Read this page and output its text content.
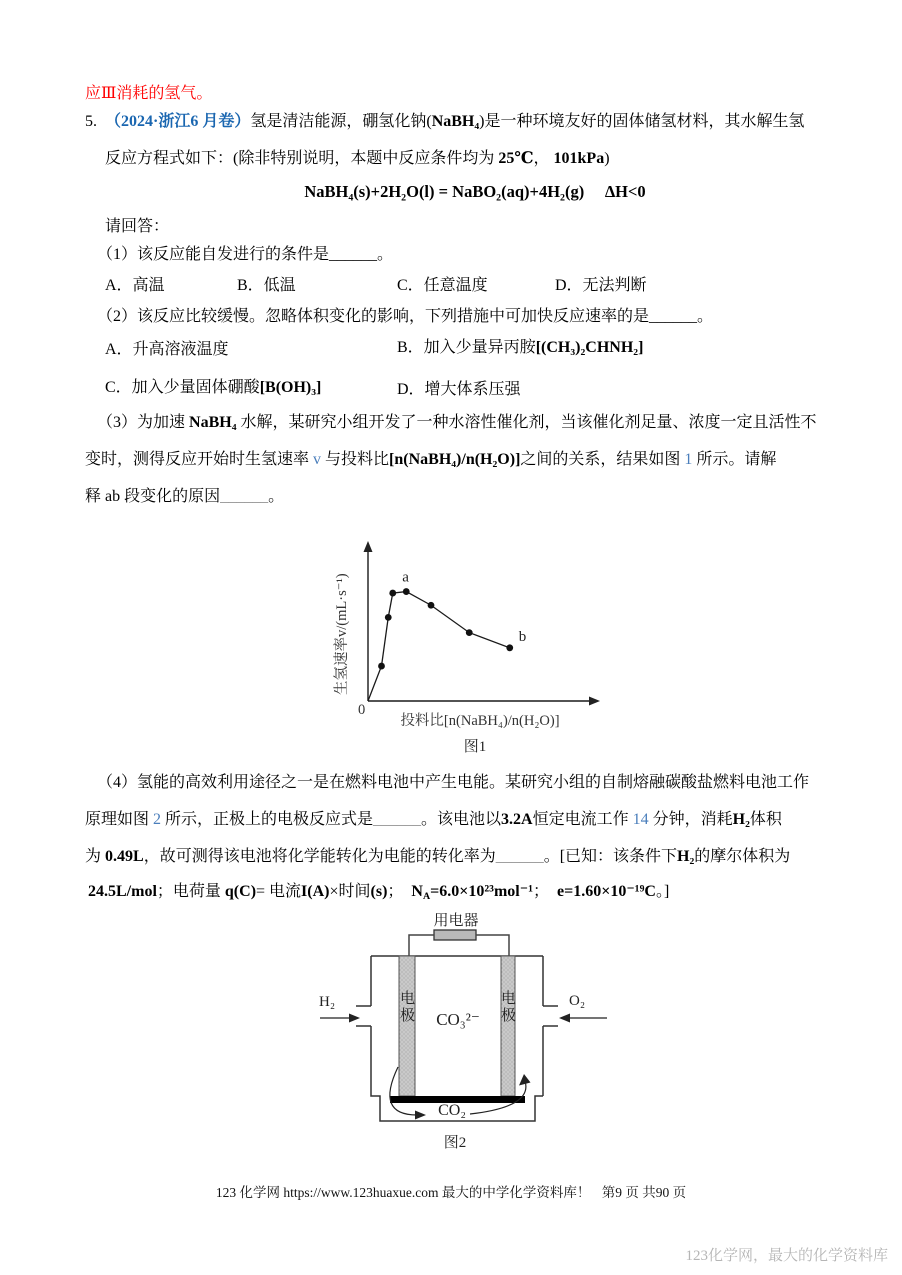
应Ⅲ消耗的氢气。
5.　（2024·浙江6 月卷）氢是清洁能源，硼氢化钠(NaBH₄)是一种环境友好的固体储氢材料，其水解生氢
反应方程式如下：(除非特别说明，本题中反应条件均为 25℃， 101kPa)
NaBH₄(s)+2H₂O(l) = NaBO₂(aq)+4H₂(g)　 ΔH<0
请回答：
（1）该反应能自发进行的条件是______。
A．高温	B．低温	C．任意温度	D．无法判断
（2）该反应比较缓慢。忽略体积变化的影响，下列措施中可加快反应速率的是______。
A．升高溶液温度	B．加入少量异丙胺[(CH₃)₂CHNH₂]
C．加入少量固体硼酸[B(OH)₃]	D．增大体系压强
（3）为加速 NaBH₄ 水解，某研究小组开发了一种水溶性催化剂，当该催化剂足量、浓度一定且活性不
变时，测得反应开始时生氢速率 v 与投料比[n(NaBH₄)/n(H₂O)]之间的关系，结果如图 1 所示。请解
释 ab 段变化的原因______。
0
投料比[n(NaBH₄)/n(H₂O)]
生氢速率v/(mL·s⁻¹)	a
b
图1
（4）氢能的高效利用途径之一是在燃料电池中产生电能。某研究小组的自制熔融碳酸盐燃料电池工作
原理如图 2 所示，正极上的电极反应式是______。该电池以3.2A恒定电流工作 14 分钟，消耗H₂体积
为 0.49L，故可测得该电池将化学能转化为电能的转化率为______。[已知：该条件下H₂的摩尔体积为
24.5L/mol；电荷量 q(C)= 电流I(A)×时间(s)；　$N_A=6.0\times 10^{23}mol^{-1}$；　e=1.60×10⁻¹⁹C。]
用电器
电极
电极
CO₃²⁻
H₂	O₂
CO₂
图2
123 化学网 https://www.123huaxue.com 最大的中学化学资料库！ 第9 页 共90 页
123化学网，最大的化学资料库
